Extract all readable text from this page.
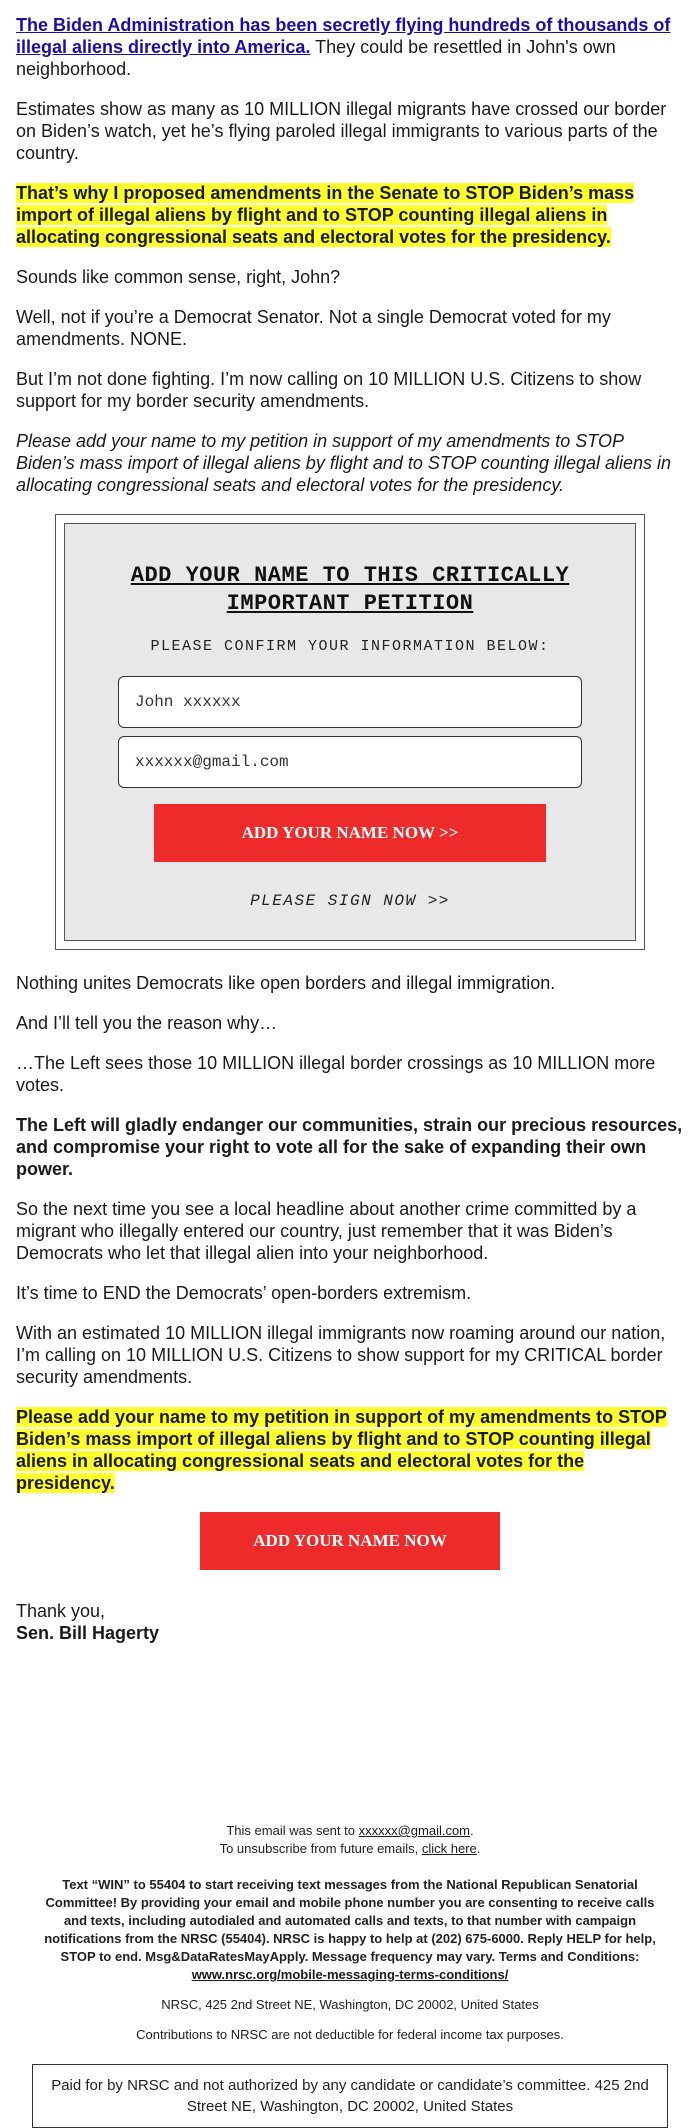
The Biden Administration has been secretly flying hundreds of thousands of illegal aliens directly into America. They could be resettled in John's own neighborhood.

Estimates show as many as 10 MILLION illegal migrants have crossed our border on Biden’s watch, yet he’s flying paroled illegal immigrants to various parts of the country.

That’s why I proposed amendments in the Senate to STOP Biden’s mass import of illegal aliens by flight and to STOP counting illegal aliens in allocating congressional seats and electoral votes for the presidency.

Sounds like common sense, right, John?

Well, not if you’re a Democrat Senator. Not a single Democrat voted for my amendments. NONE.

But I’m not done fighting. I’m now calling on 10 MILLION U.S. Citizens to show support for my border security amendments.

Please add your name to my petition in support of my amendments to STOP Biden’s mass import of illegal aliens by flight and to STOP counting illegal aliens in allocating congressional seats and electoral votes for the presidency.

ADD YOUR NAME TO THIS CRITICALLY IMPORTANT PETITION
PLEASE CONFIRM YOUR INFORMATION BELOW:
John xxxxxx
xxxxxx@gmail.com
ADD YOUR NAME NOW >>
PLEASE SIGN NOW >>

Nothing unites Democrats like open borders and illegal immigration.

And I’ll tell you the reason why…

…The Left sees those 10 MILLION illegal border crossings as 10 MILLION more votes.

The Left will gladly endanger our communities, strain our precious resources, and compromise your right to vote all for the sake of expanding their own power.

So the next time you see a local headline about another crime committed by a migrant who illegally entered our country, just remember that it was Biden’s Democrats who let that illegal alien into your neighborhood.

It’s time to END the Democrats’ open-borders extremism.

With an estimated 10 MILLION illegal immigrants now roaming around our nation, I’m calling on 10 MILLION U.S. Citizens to show support for my CRITICAL border security amendments.

Please add your name to my petition in support of my amendments to STOP Biden’s mass import of illegal aliens by flight and to STOP counting illegal aliens in allocating congressional seats and electoral votes for the presidency.

ADD YOUR NAME NOW
Thank you,
Sen. Bill Hagerty

This email was sent to xxxxxx@gmail.com.

To unsubscribe from future emails, click here.

Text “WIN” to 55404 to start receiving text messages from the National Republican Senatorial Committee! By providing your email and mobile phone number you are consenting to receive calls and texts, including autodialed and automated calls and texts, to that number with campaign notifications from the NRSC (55404). NRSC is happy to help at (202) 675-6000. Reply HELP for help, STOP to end. Msg&DataRatesMayApply. Message frequency may vary. Terms and Conditions: www.nrsc.org/mobile-messaging-terms-conditions/

NRSC, 425 2nd Street NE, Washington, DC 20002, United States

Contributions to NRSC are not deductible for federal income tax purposes.

Paid for by NRSC and not authorized by any candidate or candidate’s committee. 425 2nd Street NE, Washington, DC 20002, United States
